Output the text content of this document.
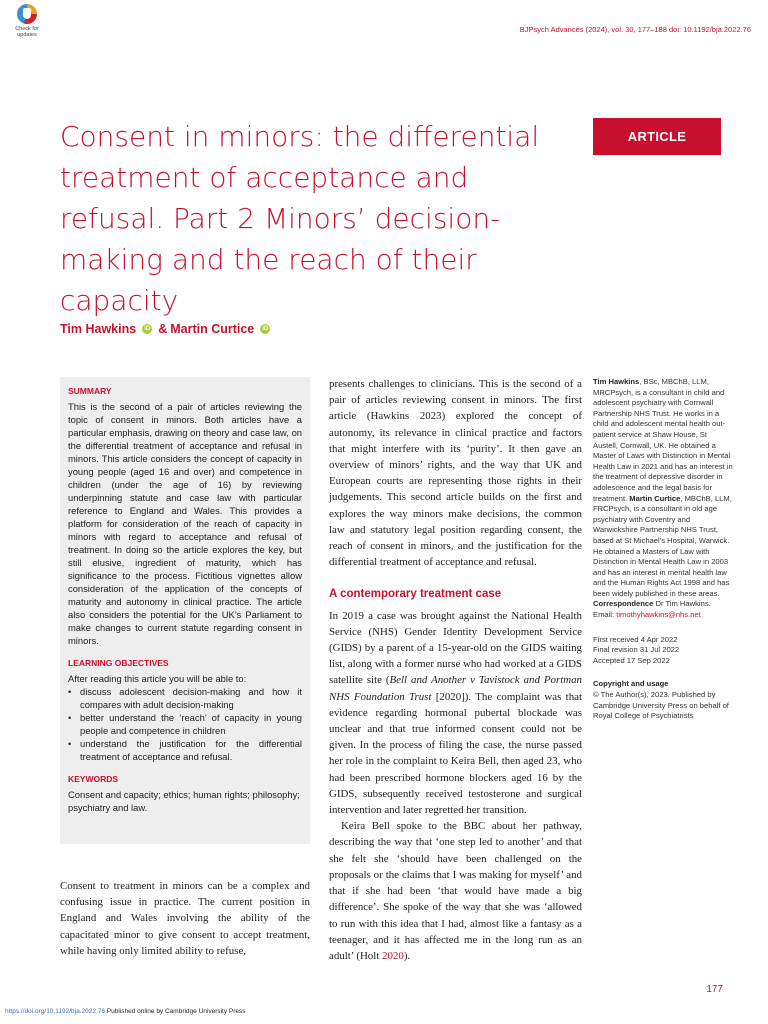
Check for updates
BJPsych Advances (2024), vol. 30, 177–188 doi: 10.1192/bja.2022.76
ARTICLE
Consent in minors: the differential treatment of acceptance and refusal. Part 2 Minors’ decision-making and the reach of their capacity
Tim Hawkins	iD & Martin Curtice	iD
SUMMARY
This is the second of a pair of articles reviewing the topic of consent in minors. Both articles have a particular emphasis, drawing on theory and case law, on the differential treatment of acceptance and refusal in minors. This article considers the concept of capacity in young people (aged 16 and over) and competence in children (under the age of 16) by reviewing underpinning statute and case law with particular reference to England and Wales. This provides a platform for consideration of the reach of capacity in minors with regard to acceptance and refusal of treatment. In doing so the article explores the key, but still elusive, ingredient of maturity, which has significance to the process. Fictitious vignettes allow consideration of the application of the concepts of maturity and autonomy in clinical practice. The article also considers the potential for the UK’s Parliament to make changes to current statute regarding consent in minors.
LEARNING OBJECTIVES
After reading this article you will be able to:
• discuss adolescent decision-making and how it compares with adult decision-making
• better understand the ‘reach’ of capacity in young people and competence in children
• understand the justification for the differential treatment of acceptance and refusal.
KEYWORDS
Consent and capacity; ethics; human rights; philosophy; psychiatry and law.

Consent to treatment in minors can be a complex and confusing issue in practice. The current position in England and Wales involving the ability of the capacitated minor to give consent to accept treatment, while having only limited ability to refuse,

presents challenges to clinicians. This is the second of a pair of articles reviewing consent in minors. The first article (Hawkins 2023) explored the concept of autonomy, its relevance in clinical practice and factors that might interfere with its ‘purity’. It then gave an overview of minors’ rights, and the way that UK and European courts are representing those rights in their judgements. This second article builds on the first and explores the way minors make decisions, the common law and statutory legal position regarding consent, the reach of consent in minors, and the justification for the differential treatment of acceptance and refusal.

A contemporary treatment case

In 2019 a case was brought against the National Health Service (NHS) Gender Identity Development Service (GIDS) by a parent of a 15-year-old on the GIDS waiting list, along with a former nurse who had worked at a GIDS satellite site (Bell and Another v Tavistock and Portman NHS Foundation Trust [2020]). The complaint was that evidence regarding hormonal pubertal blockade was unclear and that true informed consent could not be given. In the process of filing the case, the nurse passed her role in the complaint to Keira Bell, then aged 23, who had been prescribed hormone blockers aged 16 by the GIDS, subsequently received testosterone and surgical intervention and later regretted her transition.

Keira Bell spoke to the BBC about her pathway, describing the way that ‘one step led to another’ and that she felt she ‘should have been challenged on the proposals or the claims that I was making for myself’ and that if she had been ‘that would have made a big difference’. She spoke of the way that she was ‘allowed to run with this idea that I had, almost like a fantasy as a teenager, and it has affected me in the long run as an adult’ (Holt 2020).

Tim Hawkins, BSc, MBChB, LLM, MRCPsych, is a consultant in child and adolescent psychiatry with Cornwall Partnership NHS Trust. He works in a child and adolescent mental health out-patient service at Shaw House, St Austell, Cornwall, UK. He obtained a Master of Laws with Distinction in Mental Health Law in 2021 and has an interest in the treatment of depressive disorder in adolescence and the legal basis for treatment. Martin Curtice, MBChB, LLM, FRCPsych, is a consultant in old age psychiatry with Coventry and Warwickshire Partnership NHS Trust, based at St Michael’s Hospital, Warwick. He obtained a Masters of Law with Distinction in Mental Health Law in 2003 and has an interest in mental health law and the Human Rights Act 1998 and has been widely published in these areas. Correspondence Dr Tim Hawkins.
Email: timothyhawkins@nhs.net
First received 4 Apr 2022
Final revision 31 Jul 2022
Accepted 17 Sep 2022
Copyright and usage
© The Author(s), 2023. Published by Cambridge University Press on behalf of Royal College of Psychiatrists
177
https://doi.org/10.1192/bja.2022.76 Published online by Cambridge University Press
